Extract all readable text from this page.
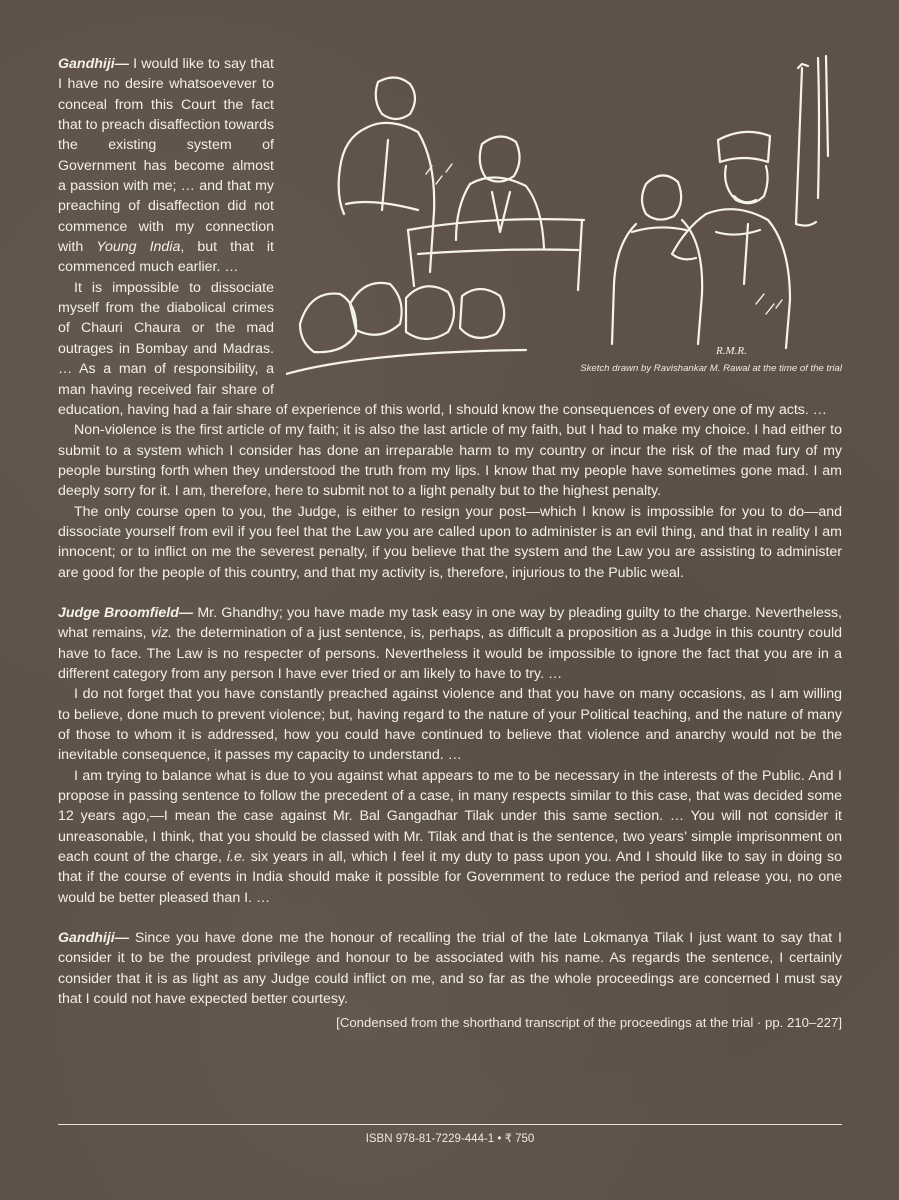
R.M.R.
Sketch drawn by Ravishankar M. Rawal at the time of the trial

Gandhiji— I would like to say that I have no desire whatsoevever to conceal from this Court the fact that to preach disaffection towards the existing system of Government has become almost a passion with me; … and that my preaching of disaffection did not commence with my connection with Young India, but that it commenced much earlier. …

It is impossible to dissociate myself from the diabolical crimes of Chauri Chaura or the mad outrages in Bombay and Madras. … As a man of responsibility, a man having received fair share of education, having had a fair share of experience of this world, I should know the consequences of every one of my acts. …

Non-violence is the first article of my faith; it is also the last article of my faith, but I had to make my choice. I had either to submit to a system which I consider has done an irreparable harm to my country or incur the risk of the mad fury of my people bursting forth when they understood the truth from my lips. I know that my people have sometimes gone mad. I am deeply sorry for it. I am, therefore, here to submit not to a light penalty but to the highest penalty.

The only course open to you, the Judge, is either to resign your post—which I know is impossible for you to do—and dissociate yourself from evil if you feel that the Law you are called upon to administer is an evil thing, and that in reality I am innocent; or to inflict on me the severest penalty, if you believe that the system and the Law you are assisting to administer are good for the people of this country, and that my activity is, therefore, injurious to the Public weal.

Judge Broomfield— Mr. Ghandhy; you have made my task easy in one way by pleading guilty to the charge. Nevertheless, what remains, viz. the determination of a just sentence, is, perhaps, as difficult a proposition as a Judge in this country could have to face. The Law is no respecter of persons. Nevertheless it would be impossible to ignore the fact that you are in a different category from any person I have ever tried or am likely to have to try. …

I do not forget that you have constantly preached against violence and that you have on many occasions, as I am willing to believe, done much to prevent violence; but, having regard to the nature of your Political teaching, and the nature of many of those to whom it is addressed, how you could have continued to believe that violence and anarchy would not be the inevitable consequence, it passes my capacity to understand. …

I am trying to balance what is due to you against what appears to me to be necessary in the interests of the Public. And I propose in passing sentence to follow the precedent of a case, in many respects similar to this case, that was decided some 12 years ago,—I mean the case against Mr. Bal Gangadhar Tilak under this same section. … You will not consider it unreasonable, I think, that you should be classed with Mr. Tilak and that is the sentence, two years’ simple imprisonment on each count of the charge, i.e. six years in all, which I feel it my duty to pass upon you. And I should like to say in doing so that if the course of events in India should make it possible for Government to reduce the period and release you, no one would be better pleased than I. …

Gandhiji— Since you have done me the honour of recalling the trial of the late Lokmanya Tilak I just want to say that I consider it to be the proudest privilege and honour to be associated with his name. As regards the sentence, I certainly consider that it is as light as any Judge could inflict on me, and so far as the whole proceedings are concerned I must say that I could not have expected better courtesy.

[Condensed from the shorthand transcript of the proceedings at the trial · pp. 210–227]

ISBN 978-81-7229-444-1 • ₹ 750
